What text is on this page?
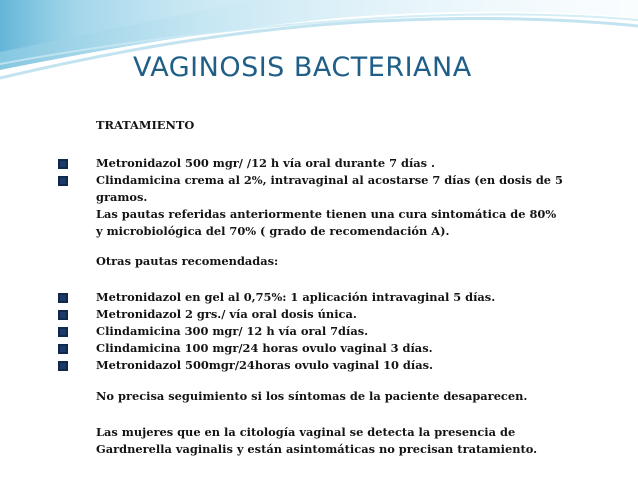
VAGINOSIS BACTERIANA
TRATAMIENTO
Metronidazol 500 mgr/ /12 h vía oral durante 7 días .
Clindamicina crema al 2%, intravaginal al acostarse 7 días (en dosis de 5
gramos.
Las pautas referidas anteriormente tienen una cura sintomática de 80%
y microbiológica del 70% ( grado de recomendación A).
Otras pautas recomendadas:
Metronidazol en gel al 0,75%: 1 aplicación intravaginal 5 días.
Metronidazol 2 grs./ vía oral dosis única.
Clindamicina 300 mgr/ 12 h vía oral 7días.
Clindamicina 100 mgr/24 horas ovulo vaginal 3 días.
Metronidazol 500mgr/24horas ovulo vaginal 10 días.
No precisa seguimiento si los síntomas de la paciente desaparecen.
Las mujeres que en la citología vaginal se detecta la presencia de
Gardnerella vaginalis y están asintomáticas no precisan tratamiento.
